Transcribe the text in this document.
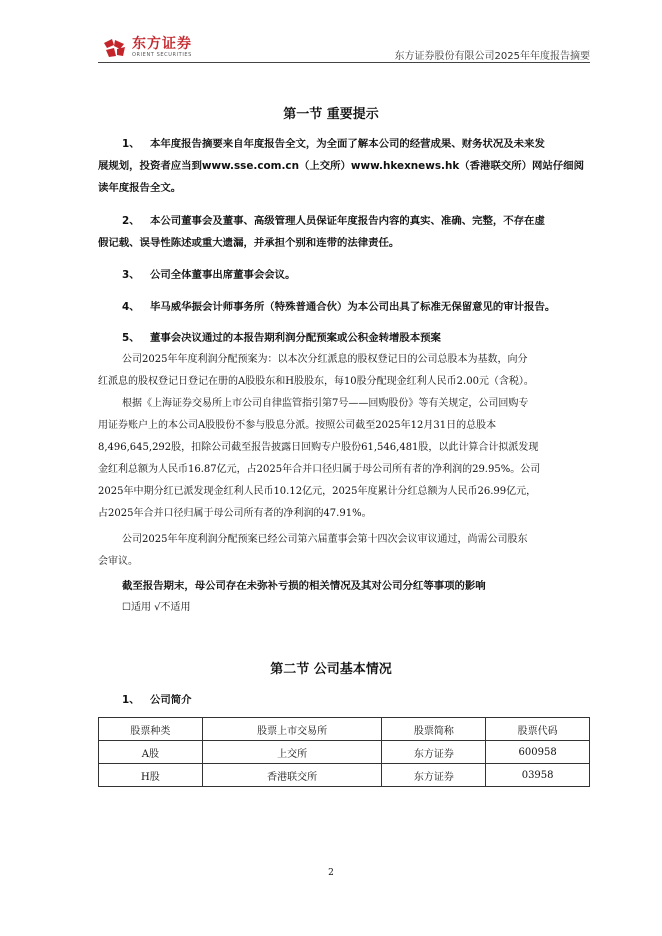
东方证券
ORIENT SECURITIES	东方证券股份有限公司2025年年度报告摘要
第一节 重要提示
1、 本年度报告摘要来自年度报告全文，为全面了解本公司的经营成果、财务状况及未来发
展规划，投资者应当到www.sse.com.cn（上交所）www.hkexnews.hk（香港联交所）网站仔细阅
读年度报告全文。
2、 本公司董事会及董事、高级管理人员保证年度报告内容的真实、准确、完整，不存在虚
假记载、误导性陈述或重大遗漏，并承担个别和连带的法律责任。
3、 公司全体董事出席董事会会议。
4、 毕马威华振会计师事务所（特殊普通合伙）为本公司出具了标准无保留意见的审计报告。
5、 董事会决议通过的本报告期利润分配预案或公积金转增股本预案
公司2025年年度利润分配预案为：以本次分红派息的股权登记日的公司总股本为基数，向分
红派息的股权登记日登记在册的A股股东和H股股东，每10股分配现金红利人民币2.00元（含税）。
根据《上海证券交易所上市公司自律监管指引第7号——回购股份》等有关规定，公司回购专
用证券账户上的本公司A股股份不参与股息分派。按照公司截至2025年12月31日的总股本
8,496,645,292股，扣除公司截至报告披露日回购专户股份61,546,481股，以此计算合计拟派发现
金红利总额为人民币16.87亿元，占2025年合并口径归属于母公司所有者的净利润的29.95%。公司
2025年中期分红已派发现金红利人民币10.12亿元，2025年度累计分红总额为人民币26.99亿元，
占2025年合并口径归属于母公司所有者的净利润的47.91%。
公司2025年年度利润分配预案已经公司第六届董事会第十四次会议审议通过，尚需公司股东
会审议。
截至报告期末，母公司存在未弥补亏损的相关情况及其对公司分红等事项的影响
☐适用 √不适用
第二节 公司基本情况
1、 公司简介
股票种类	股票上市交易所	股票简称	股票代码
A股	上交所	东方证券	600958
H股	香港联交所	东方证券	03958
2
